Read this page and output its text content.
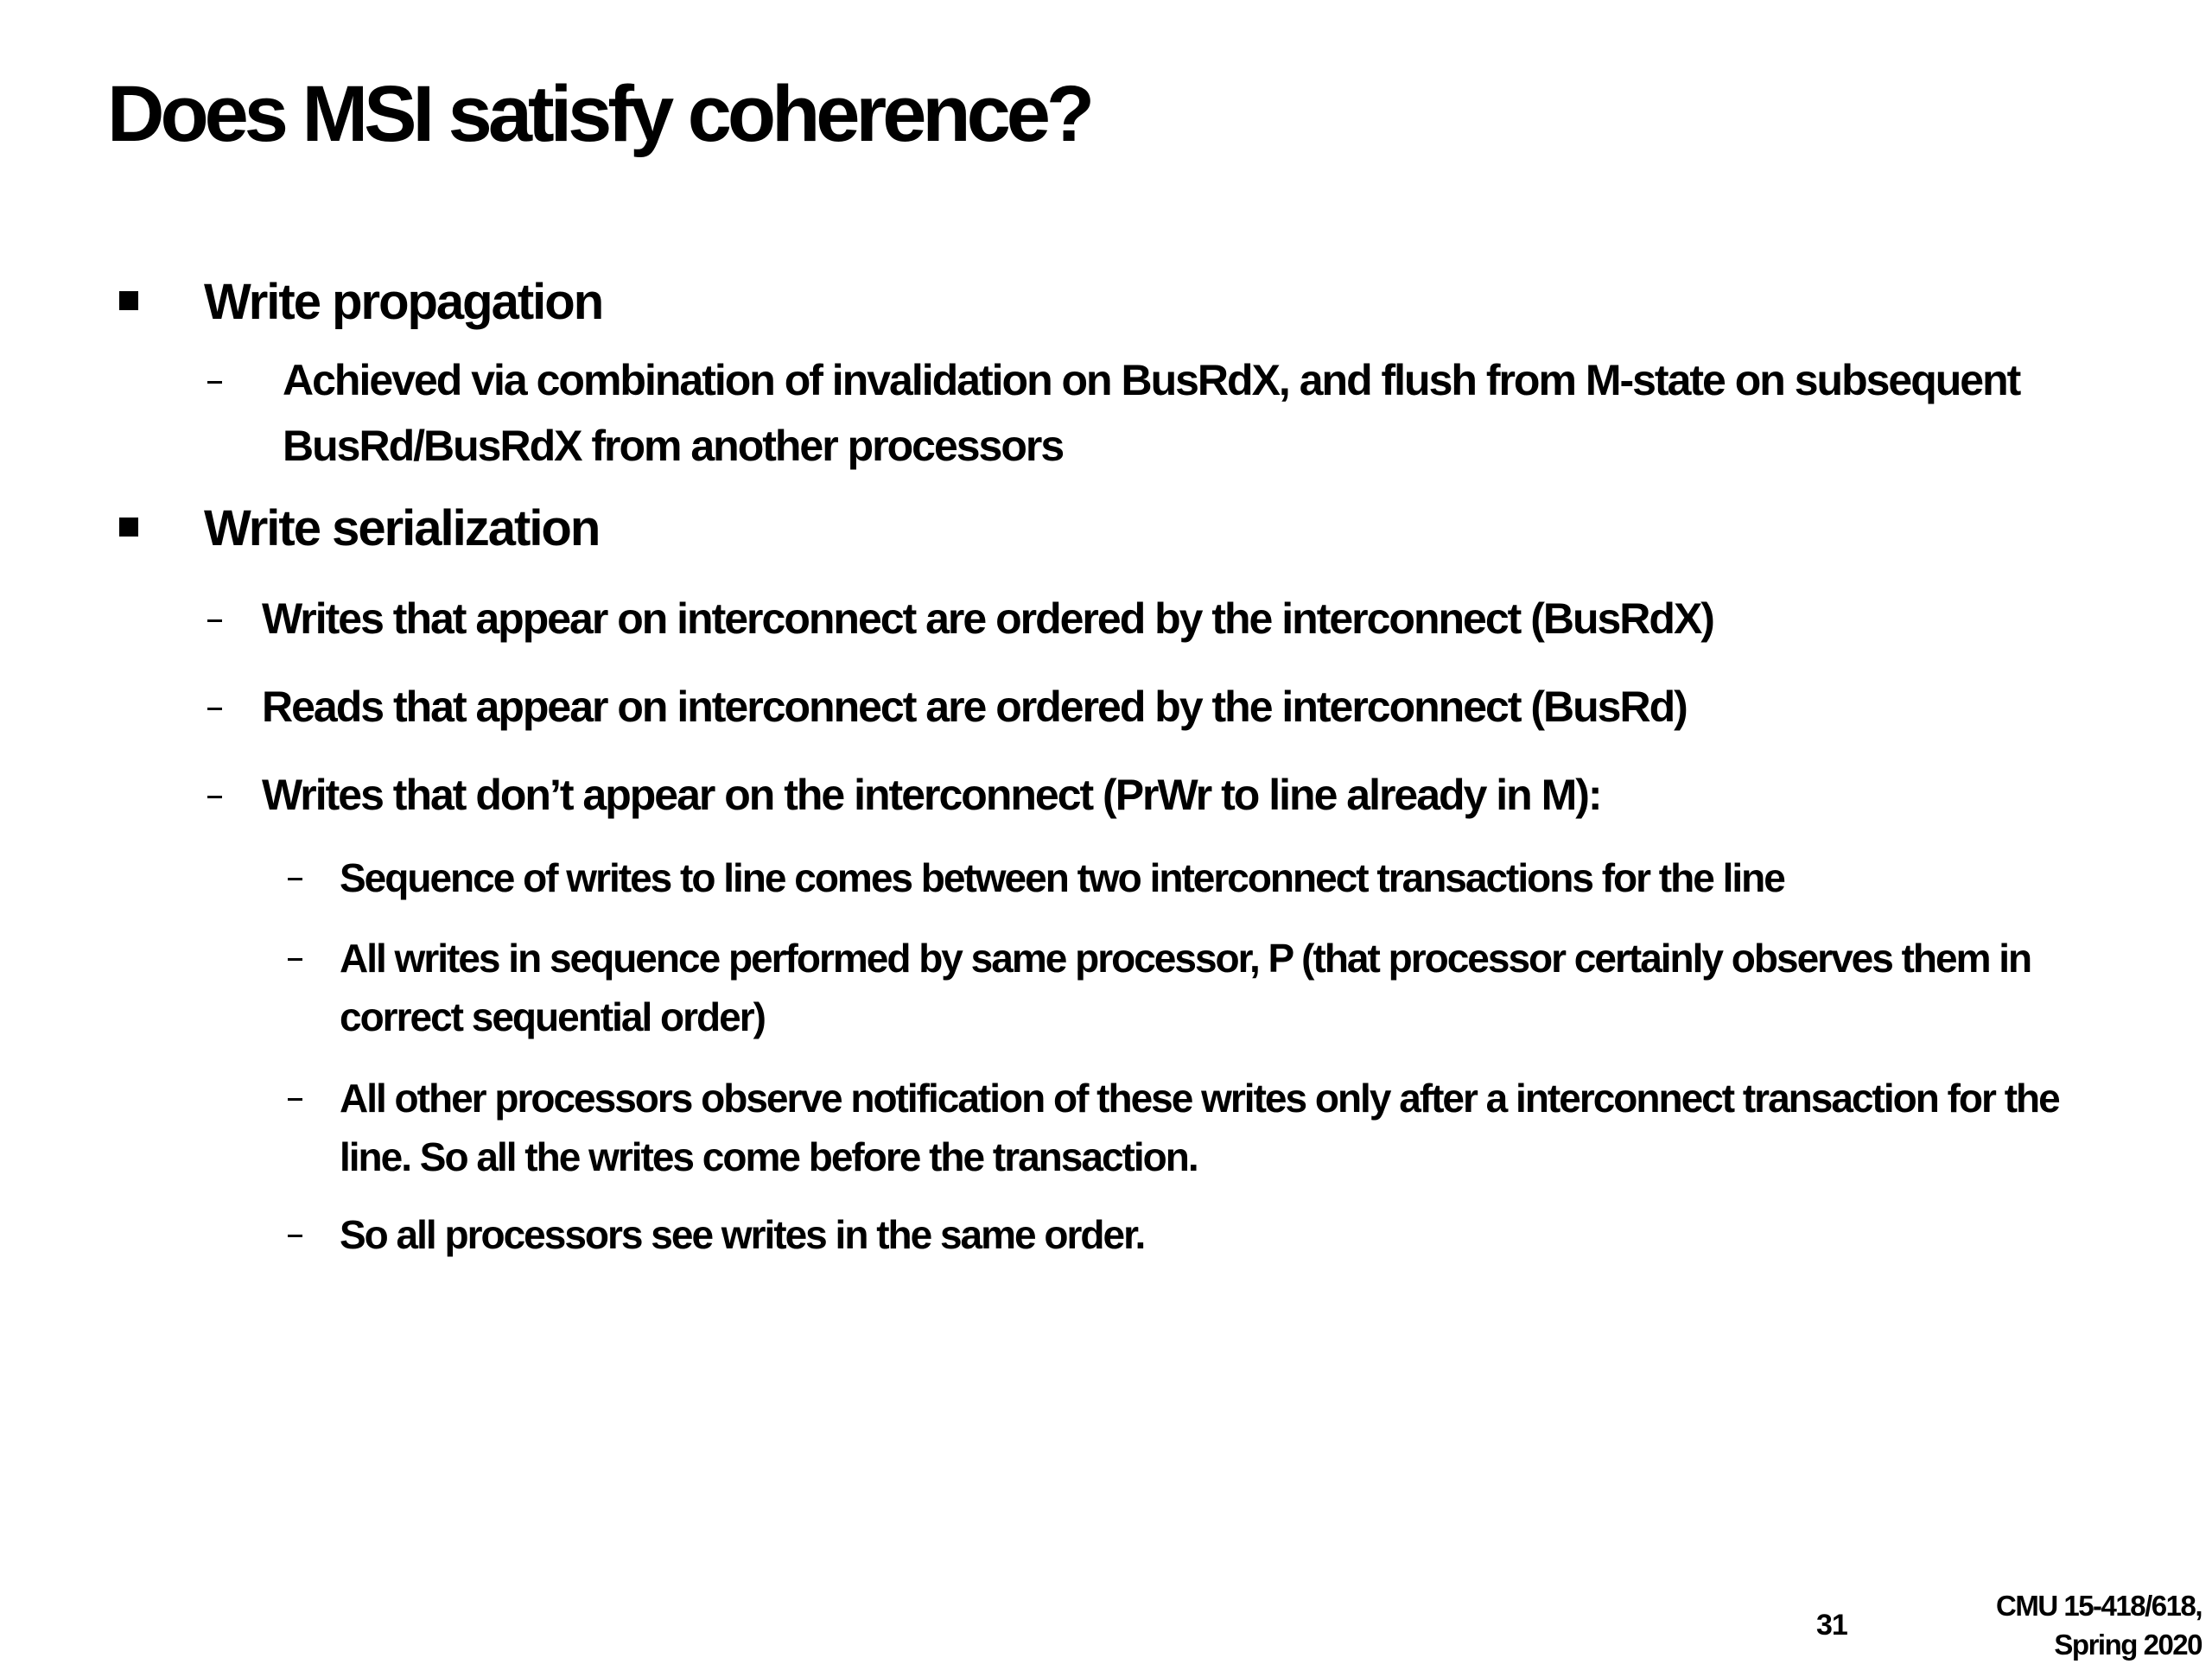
Does MSI satisfy coherence?
Write propagation
Achieved via combination of invalidation on BusRdX, and flush from M-state on subsequent
BusRd/BusRdX from another processors
Write serialization
Writes that appear on interconnect are ordered by the interconnect (BusRdX)
Reads that appear on interconnect are ordered by the interconnect (BusRd)
Writes that don’t appear on the interconnect (PrWr to line already in M):
Sequence of writes to line comes between two interconnect transactions for the line
All writes in sequence performed by same processor, P (that processor certainly observes them in
correct sequential order)
All other processors observe notification of these writes only after a interconnect transaction for the
line. So all the writes come before the transaction.
So all processors see writes in the same order.
31
CMU 15-418/618,
Spring 2020
